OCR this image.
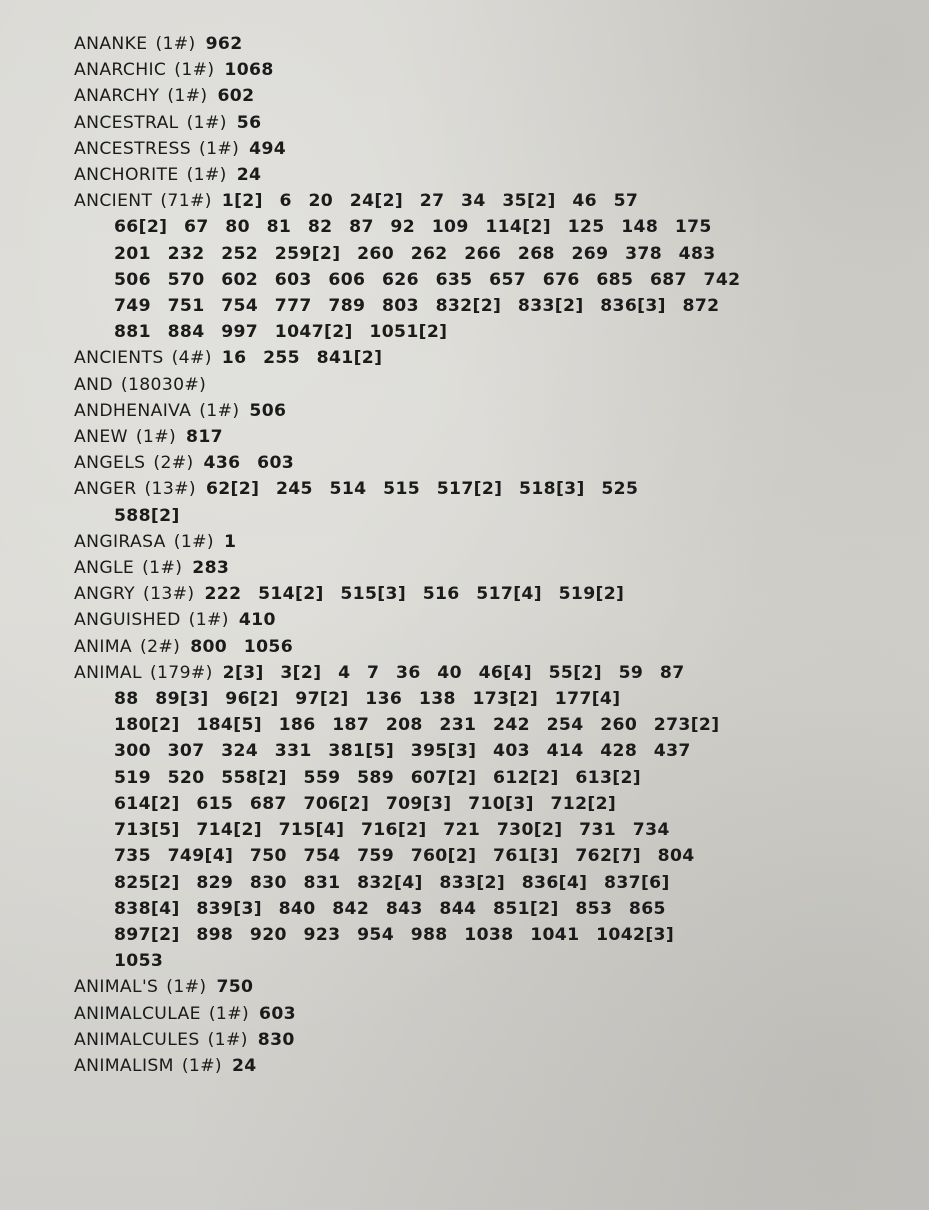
ANANKE (1#) 962
ANARCHIC (1#) 1068
ANARCHY (1#) 602
ANCESTRAL (1#) 56
ANCESTRESS (1#) 494
ANCHORITE (1#) 24
ANCIENT (71#) 1[2]  6  20  24[2]  27  34  35[2]  46  57
66[2]  67  80  81  82  87  92  109  114[2]  125  148  175
201  232  252  259[2]  260  262  266  268  269  378  483
506  570  602  603  606  626  635  657  676  685  687  742
749  751  754  777  789  803  832[2]  833[2]  836[3]  872
881  884  997  1047[2]  1051[2]
ANCIENTS (4#) 16  255  841[2]
AND (18030#)
ANDHENAIVA (1#) 506
ANEW (1#) 817
ANGELS (2#) 436  603
ANGER (13#) 62[2]  245  514  515  517[2]  518[3]  525
588[2]
ANGIRASA (1#) 1
ANGLE (1#) 283
ANGRY (13#) 222  514[2]  515[3]  516  517[4]  519[2]
ANGUISHED (1#) 410
ANIMA (2#) 800  1056
ANIMAL (179#) 2[3]  3[2]  4  7  36  40  46[4]  55[2]  59  87
88  89[3]  96[2]  97[2]  136  138  173[2]  177[4]
180[2]  184[5]  186  187  208  231  242  254  260  273[2]
300  307  324  331  381[5]  395[3]  403  414  428  437
519  520  558[2]  559  589  607[2]  612[2]  613[2]
614[2]  615  687  706[2]  709[3]  710[3]  712[2]
713[5]  714[2]  715[4]  716[2]  721  730[2]  731  734
735  749[4]  750  754  759  760[2]  761[3]  762[7]  804
825[2]  829  830  831  832[4]  833[2]  836[4]  837[6]
838[4]  839[3]  840  842  843  844  851[2]  853  865
897[2]  898  920  923  954  988  1038  1041  1042[3]
1053
ANIMAL'S (1#) 750
ANIMALCULAE (1#) 603
ANIMALCULES (1#) 830
ANIMALISM (1#) 24
